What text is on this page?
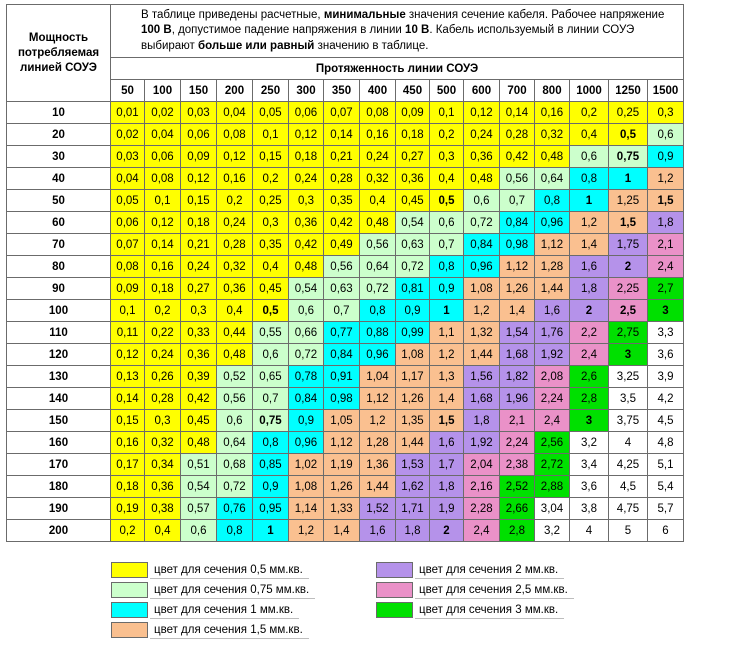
Мощность потребляемая линией СОУЭ	В таблице приведены расчетные, минимальные значения сечение кабеля. Рабочее напряжение 100 В, допустимое падение напряжения в линии 10 В. Кабель используемый в линии СОУЭ выбирают больше или равный значению в таблице.															
	Протяженность линии СОУЭ															
	50	100	150	200	250	300	350	400	450	500	600	700	800	1000	1250	1500
10	0,01	0,02	0,03	0,04	0,05	0,06	0,07	0,08	0,09	0,1	0,12	0,14	0,16	0,2	0,25	0,3
20	0,02	0,04	0,06	0,08	0,1	0,12	0,14	0,16	0,18	0,2	0,24	0,28	0,32	0,4	0,5	0,6
30	0,03	0,06	0,09	0,12	0,15	0,18	0,21	0,24	0,27	0,3	0,36	0,42	0,48	0,6	0,75	0,9
40	0,04	0,08	0,12	0,16	0,2	0,24	0,28	0,32	0,36	0,4	0,48	0,56	0,64	0,8	1	1,2
50	0,05	0,1	0,15	0,2	0,25	0,3	0,35	0,4	0,45	0,5	0,6	0,7	0,8	1	1,25	1,5
60	0,06	0,12	0,18	0,24	0,3	0,36	0,42	0,48	0,54	0,6	0,72	0,84	0,96	1,2	1,5	1,8
70	0,07	0,14	0,21	0,28	0,35	0,42	0,49	0,56	0,63	0,7	0,84	0,98	1,12	1,4	1,75	2,1
80	0,08	0,16	0,24	0,32	0,4	0,48	0,56	0,64	0,72	0,8	0,96	1,12	1,28	1,6	2	2,4
90	0,09	0,18	0,27	0,36	0,45	0,54	0,63	0,72	0,81	0,9	1,08	1,26	1,44	1,8	2,25	2,7
100	0,1	0,2	0,3	0,4	0,5	0,6	0,7	0,8	0,9	1	1,2	1,4	1,6	2	2,5	3
110	0,11	0,22	0,33	0,44	0,55	0,66	0,77	0,88	0,99	1,1	1,32	1,54	1,76	2,2	2,75	3,3
120	0,12	0,24	0,36	0,48	0,6	0,72	0,84	0,96	1,08	1,2	1,44	1,68	1,92	2,4	3	3,6
130	0,13	0,26	0,39	0,52	0,65	0,78	0,91	1,04	1,17	1,3	1,56	1,82	2,08	2,6	3,25	3,9
140	0,14	0,28	0,42	0,56	0,7	0,84	0,98	1,12	1,26	1,4	1,68	1,96	2,24	2,8	3,5	4,2
150	0,15	0,3	0,45	0,6	0,75	0,9	1,05	1,2	1,35	1,5	1,8	2,1	2,4	3	3,75	4,5
160	0,16	0,32	0,48	0,64	0,8	0,96	1,12	1,28	1,44	1,6	1,92	2,24	2,56	3,2	4	4,8
170	0,17	0,34	0,51	0,68	0,85	1,02	1,19	1,36	1,53	1,7	2,04	2,38	2,72	3,4	4,25	5,1
180	0,18	0,36	0,54	0,72	0,9	1,08	1,26	1,44	1,62	1,8	2,16	2,52	2,88	3,6	4,5	5,4
190	0,19	0,38	0,57	0,76	0,95	1,14	1,33	1,52	1,71	1,9	2,28	2,66	3,04	3,8	4,75	5,7
200	0,2	0,4	0,6	0,8	1	1,2	1,4	1,6	1,8	2	2,4	2,8	3,2	4	5	6
цвет для сечения 0,5 мм.кв.
цвет для сечения 0,75 мм.кв.
цвет для сечения 1 мм.кв.
цвет для сечения 1,5 мм.кв.
цвет для сечения 2 мм.кв.
цвет для сечения 2,5 мм.кв.
цвет для сечения 3 мм.кв.
